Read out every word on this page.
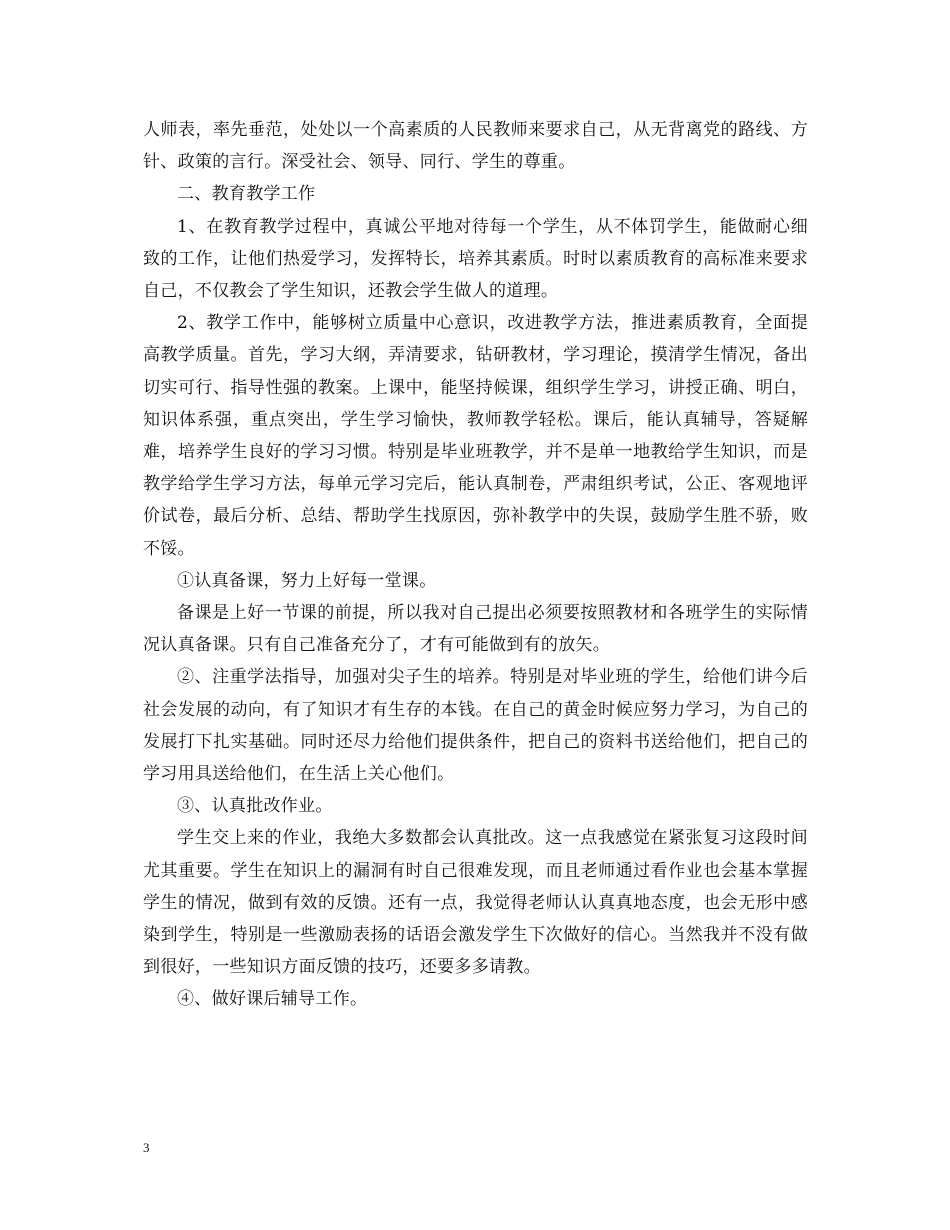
人师表，率先垂范，处处以一个高素质的人民教师来要求自己，从无背离党的路线、方针、政策的言行。深受社会、领导、同行、学生的尊重。

二、教育教学工作

1、在教育教学过程中，真诚公平地对待每一个学生，从不体罚学生，能做耐心细致的工作，让他们热爱学习，发挥特长，培养其素质。时时以素质教育的高标准来要求自己，不仅教会了学生知识，还教会学生做人的道理。

2、教学工作中，能够树立质量中心意识，改进教学方法，推进素质教育，全面提高教学质量。首先，学习大纲，弄清要求，钻研教材，学习理论，摸清学生情况，备出切实可行、指导性强的教案。上课中，能坚持候课，组织学生学习，讲授正确、明白，知识体系强，重点突出，学生学习愉快，教师教学轻松。课后，能认真辅导，答疑解难，培养学生良好的学习习惯。特别是毕业班教学，并不是单一地教给学生知识，而是教学给学生学习方法，每单元学习完后，能认真制卷，严肃组织考试，公正、客观地评价试卷，最后分析、总结、帮助学生找原因，弥补教学中的失误，鼓励学生胜不骄，败不馁。

①认真备课，努力上好每一堂课。

备课是上好一节课的前提，所以我对自己提出必须要按照教材和各班学生的实际情况认真备课。只有自己准备充分了，才有可能做到有的放矢。

②、注重学法指导，加强对尖子生的培养。特别是对毕业班的学生，给他们讲今后社会发展的动向，有了知识才有生存的本钱。在自己的黄金时候应努力学习，为自己的发展打下扎实基础。同时还尽力给他们提供条件，把自己的资料书送给他们，把自己的学习用具送给他们，在生活上关心他们。

③、认真批改作业。

学生交上来的作业，我绝大多数都会认真批改。这一点我感觉在紧张复习这段时间尤其重要。学生在知识上的漏洞有时自己很难发现，而且老师通过看作业也会基本掌握学生的情况，做到有效的反馈。还有一点，我觉得老师认认真真地态度，也会无形中感染到学生，特别是一些激励表扬的话语会激发学生下次做好的信心。当然我并不没有做到很好，一些知识方面反馈的技巧，还要多多请教。

④、做好课后辅导工作。

3
